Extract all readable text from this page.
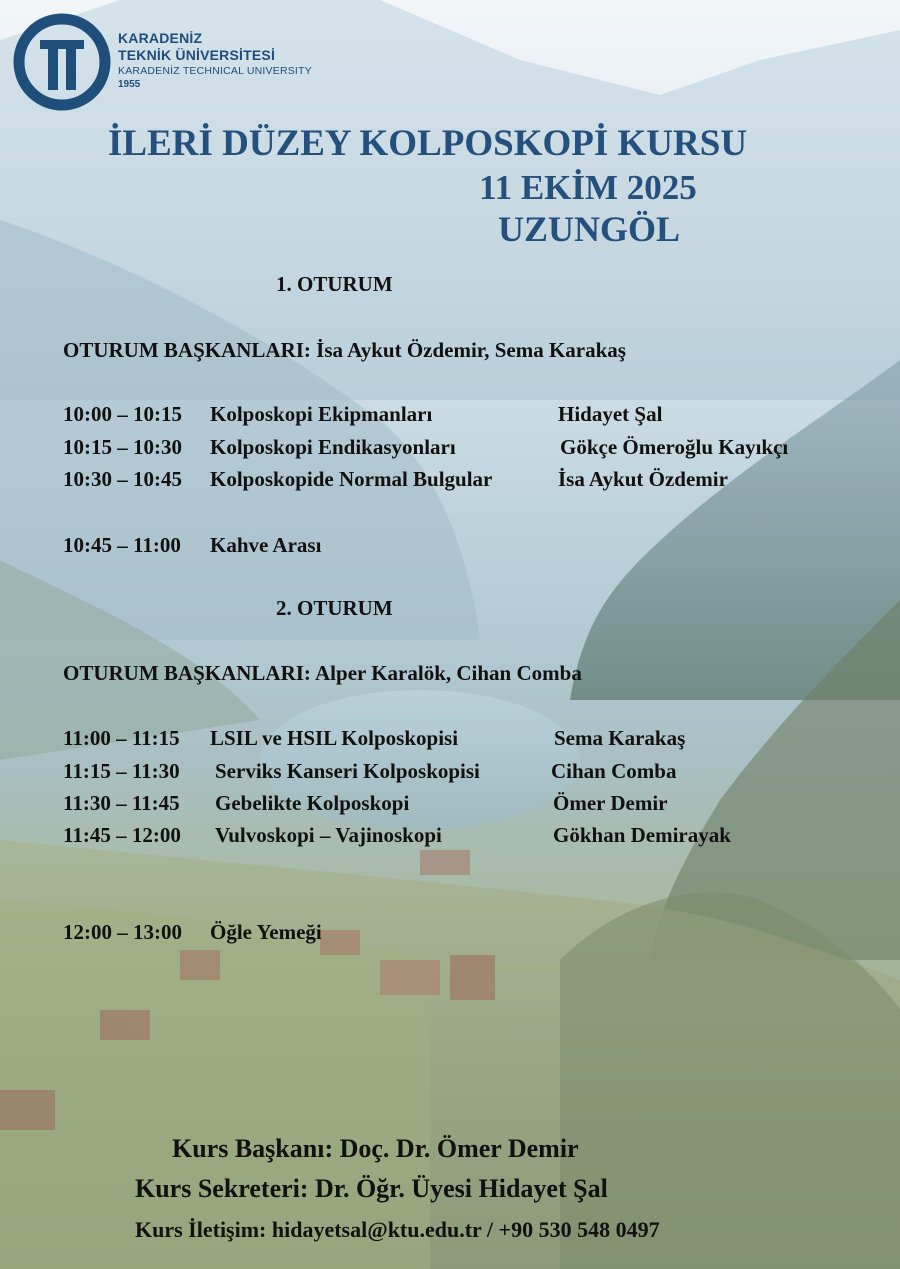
KARADENİZ
TEKNİK ÜNİVERSİTESİ
KARADENİZ TECHNICAL UNIVERSITY
1955
İLERİ DÜZEY KOLPOSKOPİ KURSU
11 EKİM 2025
UZUNGÖL
1. OTURUM
OTURUM BAŞKANLARI: İsa Aykut Özdemir, Sema Karakaş
10:00 – 10:15 Kolposkopi Ekipmanları	Hidayet Şal
10:15 – 10:30 Kolposkopi Endikasyonları	Gökçe Ömeroğlu Kayıkçı
10:30 – 10:45 Kolposkopide Normal Bulgular	İsa Aykut Özdemir
10:45 – 11:00 Kahve Arası
2. OTURUM
OTURUM BAŞKANLARI: Alper Karalök, Cihan Comba
11:00 – 11:15 LSIL ve HSIL Kolposkopisi	Sema Karakaş
11:15 – 11:30 Serviks Kanseri Kolposkopisi	Cihan Comba
11:30 – 11:45 Gebelikte Kolposkopi	Ömer Demir
11:45 – 12:00 Vulvoskopi – Vajinoskopi	Gökhan Demirayak
12:00 – 13:00 Öğle Yemeği
Kurs Başkanı: Doç. Dr. Ömer Demir
Kurs Sekreteri: Dr. Öğr. Üyesi Hidayet Şal
Kurs İletişim: hidayetsal@ktu.edu.tr / +90 530 548 0497
